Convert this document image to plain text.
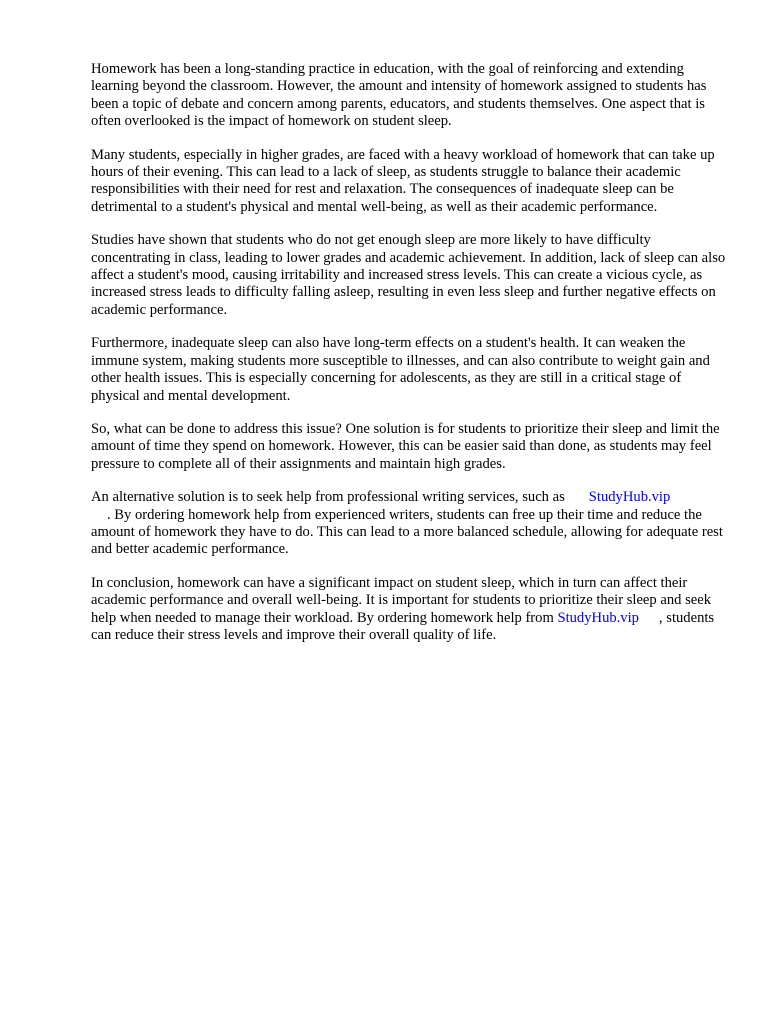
Homework has been a long-standing practice in education, with the goal of reinforcing and extending learning beyond the classroom. However, the amount and intensity of homework assigned to students has been a topic of debate and concern among parents, educators, and students themselves. One aspect that is often overlooked is the impact of homework on student sleep.

Many students, especially in higher grades, are faced with a heavy workload of homework that can take up hours of their evening. This can lead to a lack of sleep, as students struggle to balance their academic responsibilities with their need for rest and relaxation. The consequences of inadequate sleep can be detrimental to a student's physical and mental well-being, as well as their academic performance.

Studies have shown that students who do not get enough sleep are more likely to have difficulty concentrating in class, leading to lower grades and academic achievement. In addition, lack of sleep can also affect a student's mood, causing irritability and increased stress levels. This can create a vicious cycle, as increased stress leads to difficulty falling asleep, resulting in even less sleep and further negative effects on academic performance.

Furthermore, inadequate sleep can also have long-term effects on a student's health. It can weaken the immune system, making students more susceptible to illnesses, and can also contribute to weight gain and other health issues. This is especially concerning for adolescents, as they are still in a critical stage of physical and mental development.

So, what can be done to address this issue? One solution is for students to prioritize their sleep and limit the amount of time they spend on homework. However, this can be easier said than done, as students may feel pressure to complete all of their assignments and maintain high grades.

An alternative solution is to seek help from professional writing services, such as StudyHub.vip
. By ordering homework help from experienced writers, students can free up their time and reduce the amount of homework they have to do. This can lead to a more balanced schedule, allowing for adequate rest and better academic performance.

In conclusion, homework can have a significant impact on student sleep, which in turn can affect their academic performance and overall well-being. It is important for students to prioritize their sleep and seek help when needed to manage their workload. By ordering homework help from StudyHub.vip , students can reduce their stress levels and improve their overall quality of life.
